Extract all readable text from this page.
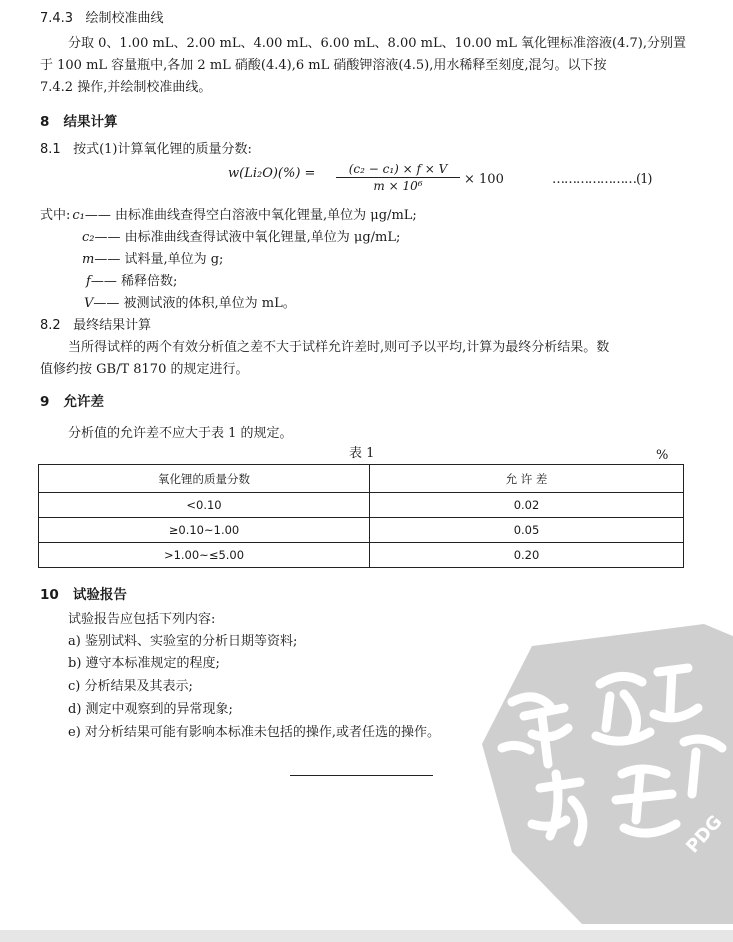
7.4.3 绘制校准曲线
分取 0、1.00 mL、2.00 mL、4.00 mL、6.00 mL、8.00 mL、10.00 mL 氧化锂标准溶液(4.7),分别置
于 100 mL 容量瓶中,各加 2 mL 硝酸(4.4),6 mL 硝酸钾溶液(4.5),用水稀释至刻度,混匀。以下按
7.4.2 操作,并绘制校准曲线。
8 结果计算
8.1 按式(1)计算氧化锂的质量分数:
w(Li₂O)(%) =	(c₂ − c₁) × f × V
m × 10⁶	× 100	…………………(1)
式中: c₁—— 由标准曲线查得空白溶液中氧化锂量,单位为 μg/mL;
c₂—— 由标准曲线查得试液中氧化锂量,单位为 μg/mL;
m—— 试料量,单位为 g;
f—— 稀释倍数;
V—— 被测试液的体积,单位为 mL。
8.2 最终结果计算
当所得试样的两个有效分析值之差不大于试样允许差时,则可予以平均,计算为最终分析结果。数
值修约按 GB/T 8170 的规定进行。
9 允许差
分析值的允许差不应大于表 1 的规定。
表 1	%
氧化锂的质量分数	允 许 差
<0.10	0.02
≥0.10~1.00	0.05
>1.00~≤5.00	0.20
10 试验报告
试验报告应包括下列内容:
a) 鉴别试料、实验室的分析日期等资料;
b) 遵守本标准规定的程度;
c) 分析结果及其表示;
d) 测定中观察到的异常现象;
e) 对分析结果可能有影响本标准未包括的操作,或者任选的操作。
PDG
